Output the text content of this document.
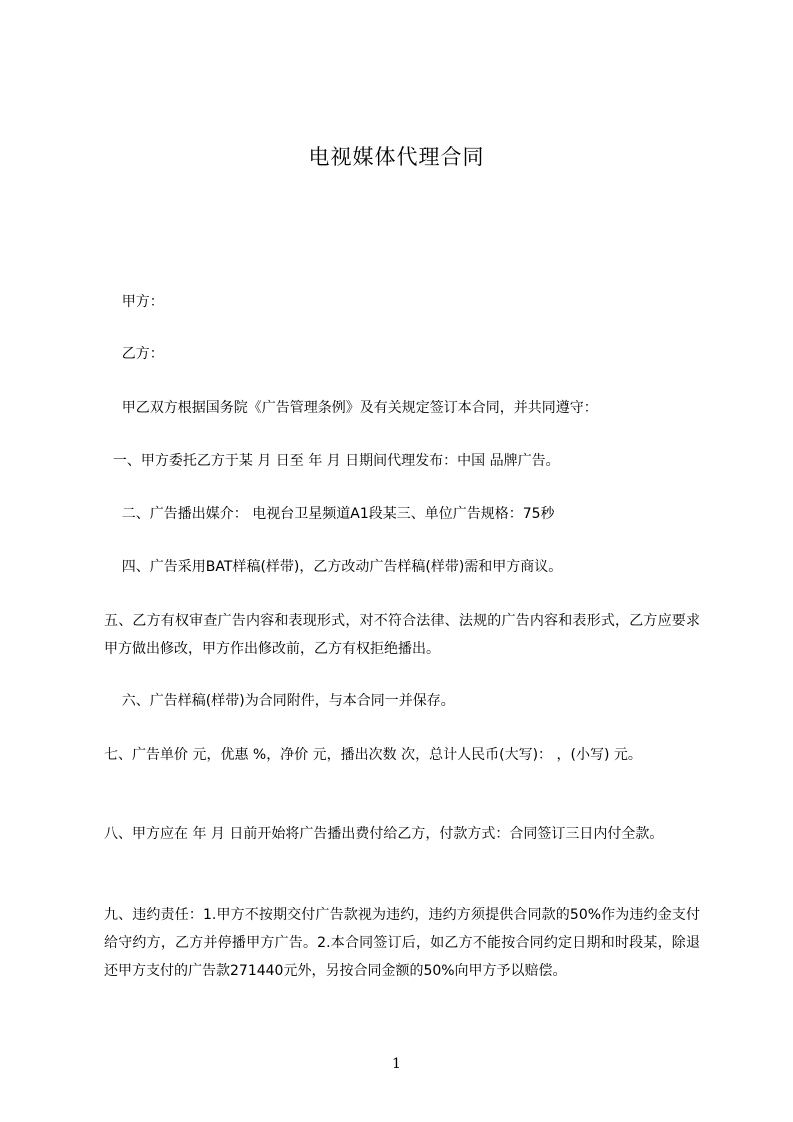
电视媒体代理合同
甲方：
乙方：
甲乙双方根据国务院《广告管理条例》及有关规定签订本合同，并共同遵守：
一、甲方委托乙方于某 月 日至 年 月 日期间代理发布：中国 品牌广告。
二、广告播出媒介： 电视台卫星频道A1段某三、单位广告规格：75秒
四、广告采用BAT样稿(样带)，乙方改动广告样稿(样带)需和甲方商议。
五、乙方有权审查广告内容和表现形式，对不符合法律、法规的广告内容和表形式，乙方应要求甲方做出修改，甲方作出修改前，乙方有权拒绝播出。
六、广告样稿(样带)为合同附件，与本合同一并保存。
七、广告单价 元，优惠 %，净价 元，播出次数 次，总计人民币(大写)： ，(小写) 元。
八、甲方应在 年 月 日前开始将广告播出费付给乙方，付款方式：合同签订三日内付全款。
九、违约责任：1.甲方不按期交付广告款视为违约，违约方须提供合同款的50%作为违约金支付给守约方，乙方并停播甲方广告。2.本合同签订后，如乙方不能按合同约定日期和时段某，除退还甲方支付的广告款271440元外，另按合同金额的50%向甲方予以赔偿。
1
